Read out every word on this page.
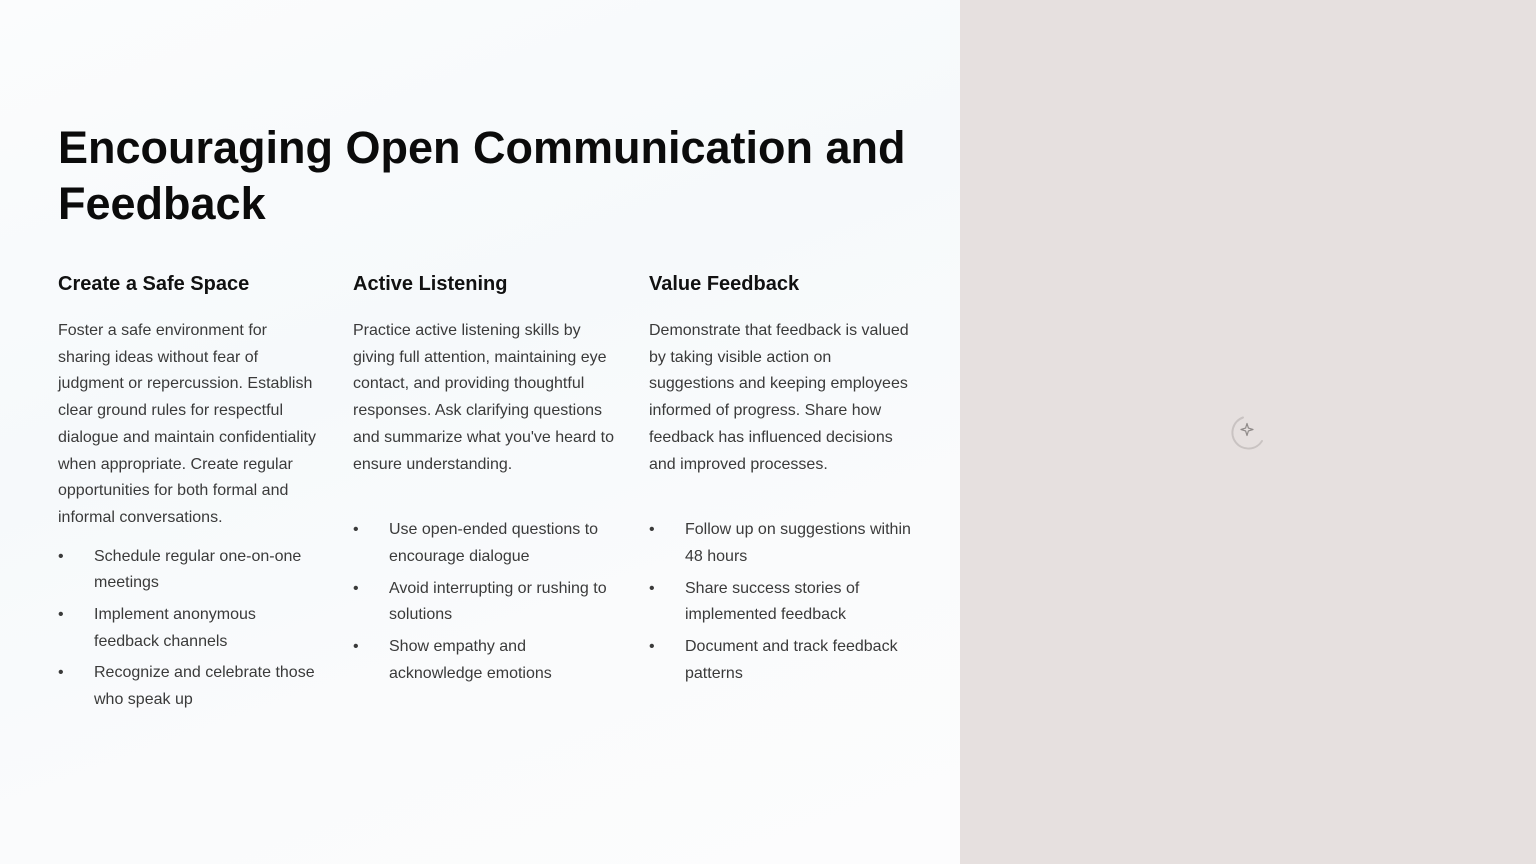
Encouraging Open Communication and Feedback
Create a Safe Space

Foster a safe environment for sharing ideas without fear of judgment or repercussion. Establish clear ground rules for respectful dialogue and maintain confidentiality when appropriate. Create regular opportunities for both formal and informal conversations.

• Schedule regular one-on-one meetings
• Implement anonymous feedback channels
• Recognize and celebrate those who speak up
Active Listening

Practice active listening skills by giving full attention, maintaining eye contact, and providing thoughtful responses. Ask clarifying questions and summarize what you've heard to ensure understanding.

• Use open-ended questions to encourage dialogue
• Avoid interrupting or rushing to solutions
• Show empathy and acknowledge emotions
Value Feedback

Demonstrate that feedback is valued by taking visible action on suggestions and keeping employees informed of progress. Share how feedback has influenced decisions and improved processes.

• Follow up on suggestions within 48 hours
• Share success stories of implemented feedback
• Document and track feedback patterns
